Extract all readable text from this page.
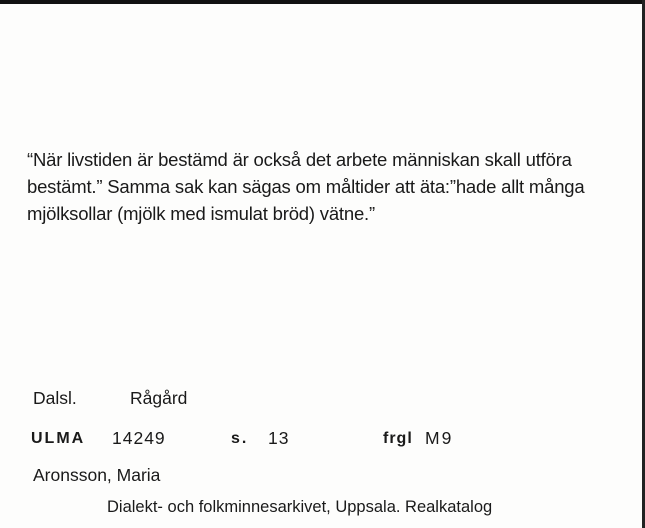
“När livstiden är bestämd är också det arbete människan skall utföra bestämt.” Samma sak kan sägas om måltider att äta:”hade allt många mjölksollar (mjölk med ismulat bröd) vätne.”

Dalsl.	Rågård
ULMA 14249	s. 13	frgl M9
Aronsson, Maria
Dialekt- och folkminnesarkivet, Uppsala. Realkatalog
